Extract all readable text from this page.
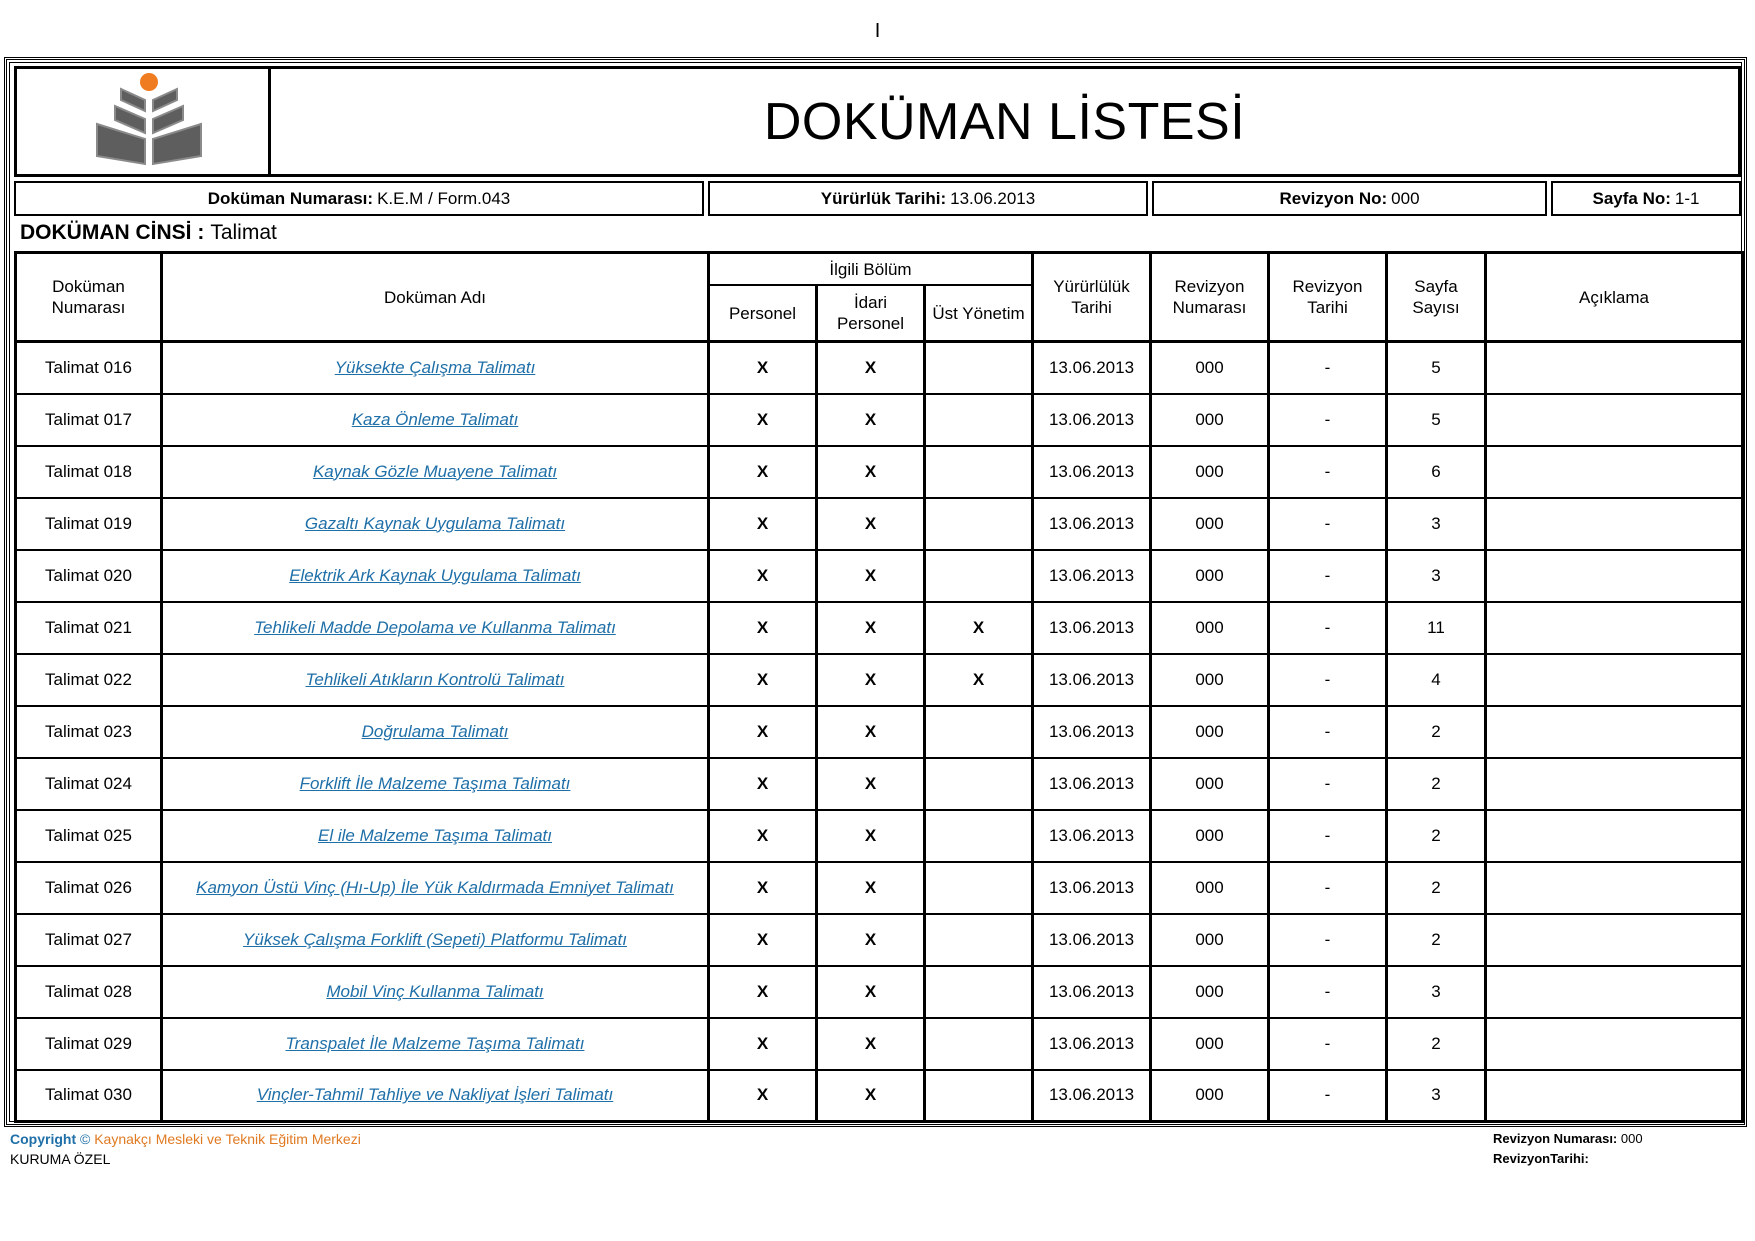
I
DOKÜMAN LİSTESİ
Doküman Numarası: K.E.M / Form.043	Yürürlük Tarihi: 13.06.2013	Revizyon No: 000	Sayfa No: 1-1
DOKÜMAN CİNSİ : Talimat
Doküman Numarası	Doküman Adı	İlgili Bölüm			Yürürlülük Tarihi	Revizyon Numarası	Revizyon Tarihi	Sayfa Sayısı	Açıklama
		Personel	İdari Personel	Üst Yönetim					
Talimat 016	Yüksekte Çalışma Talimatı	X	X		13.06.2013	000	-	5	
Talimat 017	Kaza Önleme Talimatı	X	X		13.06.2013	000	-	5	
Talimat 018	Kaynak Gözle Muayene Talimatı	X	X		13.06.2013	000	-	6	
Talimat 019	Gazaltı Kaynak Uygulama Talimatı	X	X		13.06.2013	000	-	3	
Talimat 020	Elektrik Ark Kaynak Uygulama Talimatı	X	X		13.06.2013	000	-	3	
Talimat 021	Tehlikeli Madde Depolama ve Kullanma Talimatı	X	X	X	13.06.2013	000	-	11	
Talimat 022	Tehlikeli Atıkların Kontrolü Talimatı	X	X	X	13.06.2013	000	-	4	
Talimat 023	Doğrulama Talimatı	X	X		13.06.2013	000	-	2	
Talimat 024	Forklift İle Malzeme Taşıma Talimatı	X	X		13.06.2013	000	-	2	
Talimat 025	El ile Malzeme Taşıma Talimatı	X	X		13.06.2013	000	-	2	
Talimat 026	Kamyon Üstü Vinç (Hı-Up) İle Yük Kaldırmada Emniyet Talimatı	X	X		13.06.2013	000	-	2	
Talimat 027	Yüksek Çalışma Forklift (Sepeti) Platformu Talimatı	X	X		13.06.2013	000	-	2	
Talimat 028	Mobil Vinç Kullanma Talimatı	X	X		13.06.2013	000	-	3	
Talimat 029	Transpalet İle Malzeme Taşıma Talimatı	X	X		13.06.2013	000	-	2	
Talimat 030	Vinçler-Tahmil Tahliye ve Nakliyat İşleri Talimatı	X	X		13.06.2013	000	-	3	
Copyright © Kaynakçı Mesleki ve Teknik Eğitim Merkezi
KURUMA ÖZEL
Revizyon Numarası: 000
RevizyonTarihi:
